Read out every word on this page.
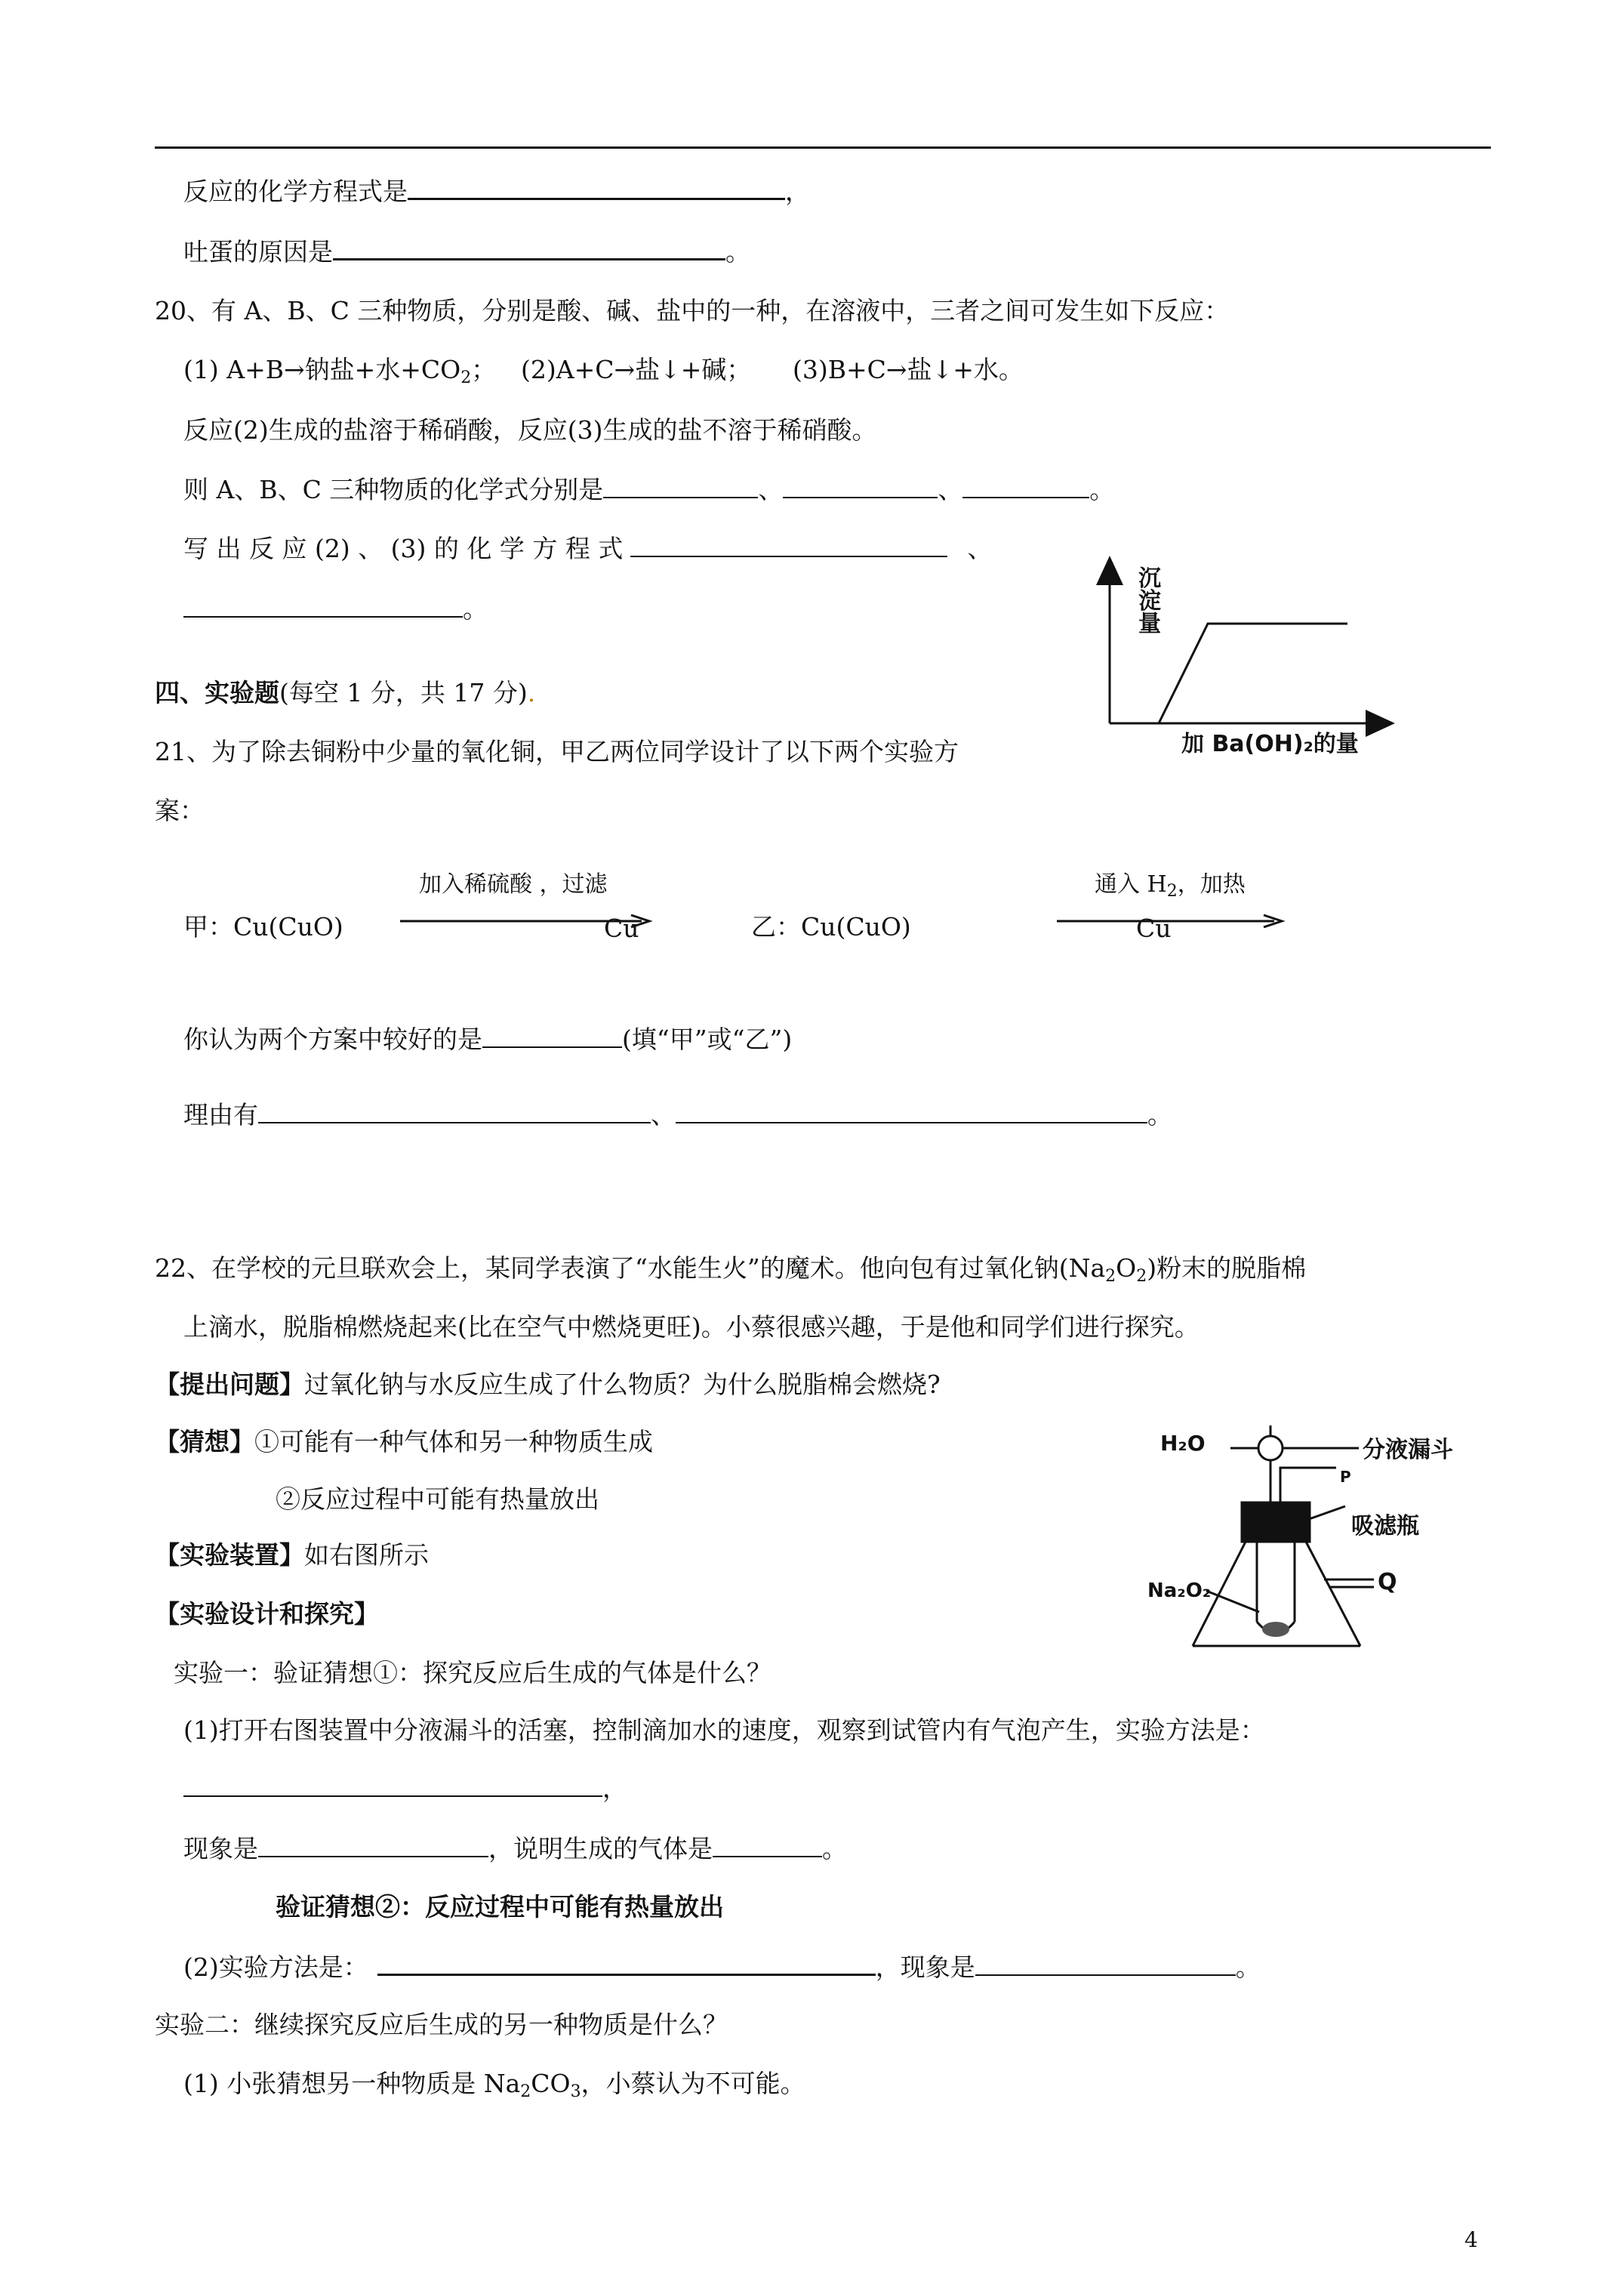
反应的化学方程式是	，
吐蛋的原因是	。
20、有 A、B、C 三种物质，分别是酸、碱、盐中的一种，在溶液中，三者之间可发生如下反应：
(1) A+B→钠盐+水$+CO_2$； (2)A+C→盐↓+碱； (3)B+C→盐↓+水。
反应(2)生成的盐溶于稀硝酸，反应(3)生成的盐不溶于稀硝酸。
则 A、B、C 三种物质的化学式分别是	、	、	。
写 出 反 应 (2) 、 (3) 的 化 学 方 程 式	、
。
沉
淀
量
加 Ba(OH)₂的量
四、实验题(每空 1 分，共 17 分).
21、为了除去铜粉中少量的氧化铜，甲乙两位同学设计了以下两个实验方
案：
加入稀硫酸 ，过滤
甲：Cu(CuO)	Cu
通入 $H_2$，加热
乙：Cu(CuO)	Cu
你认为两个方案中较好的是	(填“甲”或“乙”)
理由有	、	。
22、在学校的元旦联欢会上，某同学表演了“水能生火”的魔术。他向包有过氧化钠$(Na_2O_2)$粉末的脱脂棉
上滴水，脱脂棉燃烧起来(比在空气中燃烧更旺)。小蔡很感兴趣，于是他和同学们进行探究。
【提出问题】过氧化钠与水反应生成了什么物质？为什么脱脂棉会燃烧?
【猜想】①可能有一种气体和另一种物质生成
②反应过程中可能有热量放出
【实验装置】如右图所示
【实验设计和探究】
H₂O	分液漏斗
P
吸滤瓶
Q
Na₂O₂
实验一：验证猜想①：探究反应后生成的气体是什么？
(1)打开右图装置中分液漏斗的活塞，控制滴加水的速度，观察到试管内有气泡产生，实验方法是：
，
现象是	，说明生成的气体是	。
验证猜想②：反应过程中可能有热量放出
(2)实验方法是：	，现象是	。
实验二：继续探究反应后生成的另一种物质是什么？
(1) 小张猜想另一种物质是 $Na_2CO_3$，小蔡认为不可能。
4
